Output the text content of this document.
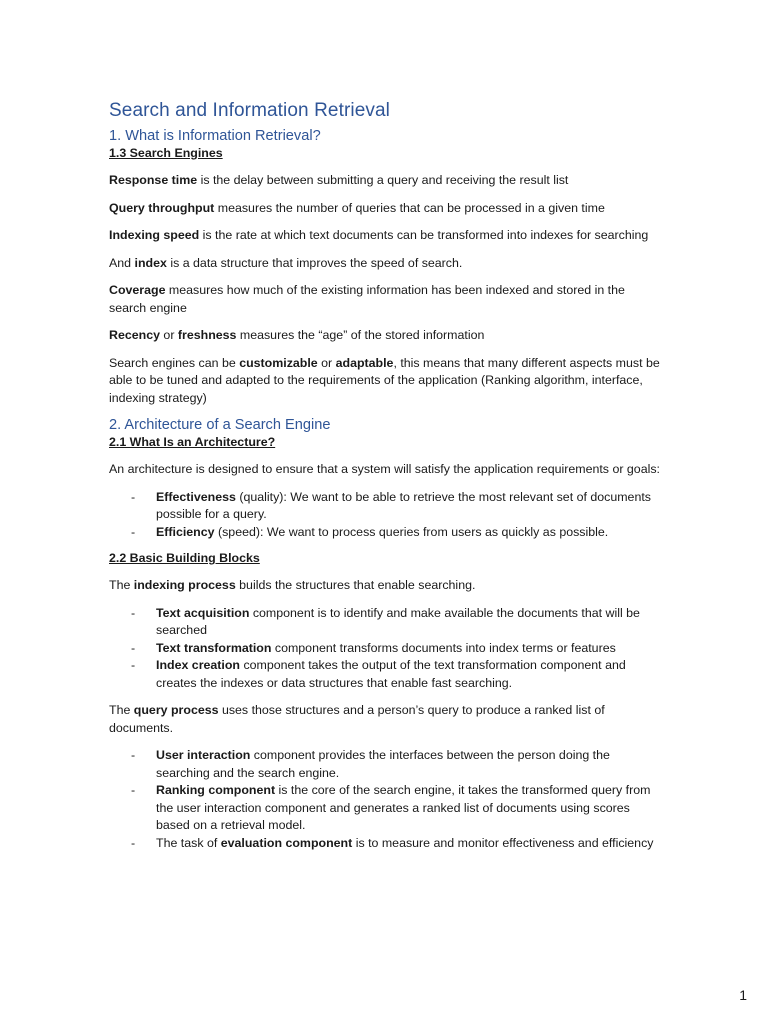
Search and Information Retrieval
1. What is Information Retrieval?
1.3 Search Engines

Response time is the delay between submitting a query and receiving the result list

Query throughput measures the number of queries that can be processed in a given time

Indexing speed is the rate at which text documents can be transformed into indexes for searching

And index is a data structure that improves the speed of search.

Coverage measures how much of the existing information has been indexed and stored in the search engine

Recency or freshness measures the “age” of the stored information

Search engines can be customizable or adaptable, this means that many different aspects must be able to be tuned and adapted to the requirements of the application (Ranking algorithm, interface, indexing strategy)

2. Architecture of a Search Engine
2.1 What Is an Architecture?

An architecture is designed to ensure that a system will satisfy the application requirements or goals:

- Effectiveness (quality): We want to be able to retrieve the most relevant set of documents possible for a query.
- Efficiency (speed): We want to process queries from users as quickly as possible.
2.2 Basic Building Blocks

The indexing process builds the structures that enable searching.

- Text acquisition component is to identify and make available the documents that will be searched
- Text transformation component transforms documents into index terms or features
- Index creation component takes the output of the text transformation component and creates the indexes or data structures that enable fast searching.

The query process uses those structures and a person’s query to produce a ranked list of documents.

- User interaction component provides the interfaces between the person doing the searching and the search engine.
- Ranking component is the core of the search engine, it takes the transformed query from the user interaction component and generates a ranked list of documents using scores based on a retrieval model.
- The task of evaluation component is to measure and monitor effectiveness and efficiency
1
